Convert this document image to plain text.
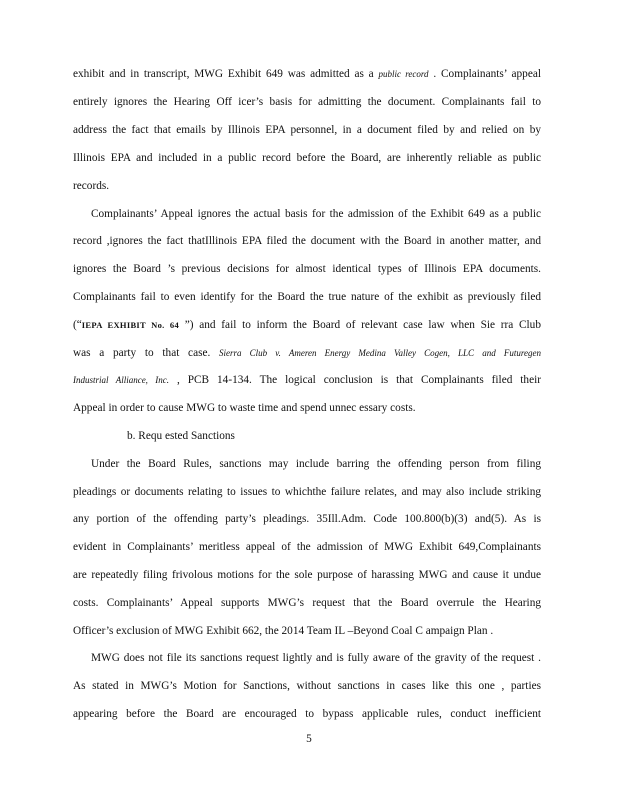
exhibit and in transcript, MWG Exhibit 649 was admitted as a public record . Complainants’ appeal
entirely ignores the Hearing Off icer’s basis for admitting the document. Complainants fail to
address the fact that emails by Illinois EPA personnel, in a document filed by and relied on by
Illinois EPA and included in a public record before the Board, are inherently reliable as public
records.
Complainants’ Appeal ignores the actual basis for the admission of the Exhibit 649 as a public
record ,ignores the fact thatIllinois EPA filed the document with the Board in another matter, and
ignores the Board ’s previous decisions for almost identical types of Illinois EPA documents.
Complainants fail to even identify for the Board the true nature of the exhibit as previously filed
(“IEPA EXHIBIT No. 64 ”) and fail to inform the Board of relevant case law when Sie rra Club
was a party to that case. Sierra Club v. Ameren Energy Medina Valley Cogen, LLC and Futuregen
Industrial Alliance, Inc. , PCB 14-134. The logical conclusion is that Complainants filed their
Appeal in order to cause MWG to waste time and spend unnec essary costs.
b. Requ ested Sanctions
Under the Board Rules, sanctions may include barring the offending person from filing
pleadings or documents relating to issues to whichthe failure relates, and may also include striking
any portion of the offending party’s pleadings. 35Ill.Adm. Code 100.800(b)(3) and(5). As is
evident in Complainants’ meritless appeal of the admission of MWG Exhibit 649,Complainants
are repeatedly filing frivolous motions for the sole purpose of harassing MWG and cause it undue
costs. Complainants’ Appeal supports MWG’s request that the Board overrule the Hearing
Officer’s exclusion of MWG Exhibit 662, the 2014 Team IL –Beyond Coal C ampaign Plan .
MWG does not file its sanctions request lightly and is fully aware of the gravity of the request .
As stated in MWG’s Motion for Sanctions, without sanctions in cases like this one , parties
appearing before the Board are encouraged to bypass applicable rules, conduct inefficient
5
